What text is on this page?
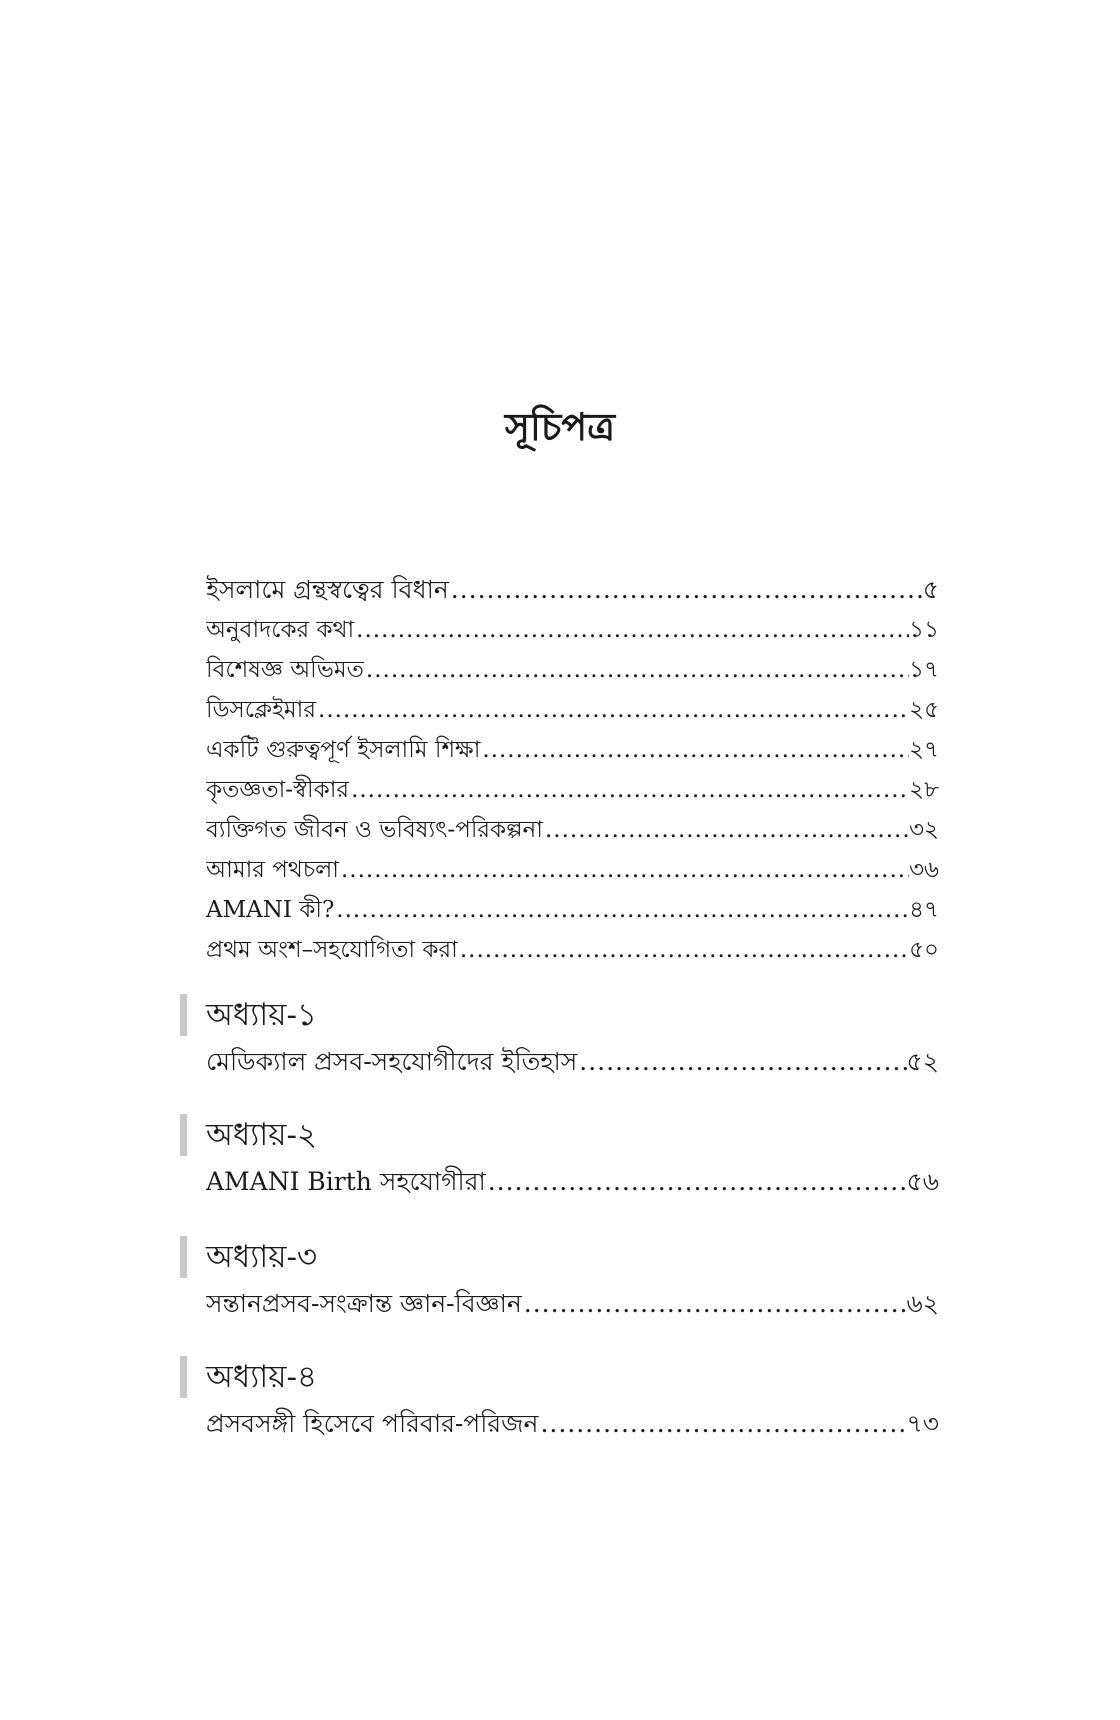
সূচিপত্র
ইসলামে গ্রন্থস্বত্বের বিধান .....	৫
অনুবাদকের কথা .....	১১
বিশেষজ্ঞ অভিমত .....	১৭
ডিসক্লেইমার .....	২৫
একটি গুরুত্বপূর্ণ ইসলামি শিক্ষা .....	২৭
কৃতজ্ঞতা-স্বীকার .....	২৮
ব্যক্তিগত জীবন ও ভবিষ্যৎ-পরিকল্পনা .....	৩২
আমার পথচলা .....	৩৬
AMANI কী? .....	৪৭
প্রথম অংশ–সহযোগিতা করা .....	৫০
অধ্যায়-১
মেডিক্যাল প্রসব-সহযোগীদের ইতিহাস .....	৫২
অধ্যায়-২
AMANI Birth সহযোগীরা .....	৫৬
অধ্যায়-৩
সন্তানপ্রসব-সংক্রান্ত জ্ঞান-বিজ্ঞান .....	৬২
অধ্যায়-৪
প্রসবসঙ্গী হিসেবে পরিবার-পরিজন .....	৭৩
